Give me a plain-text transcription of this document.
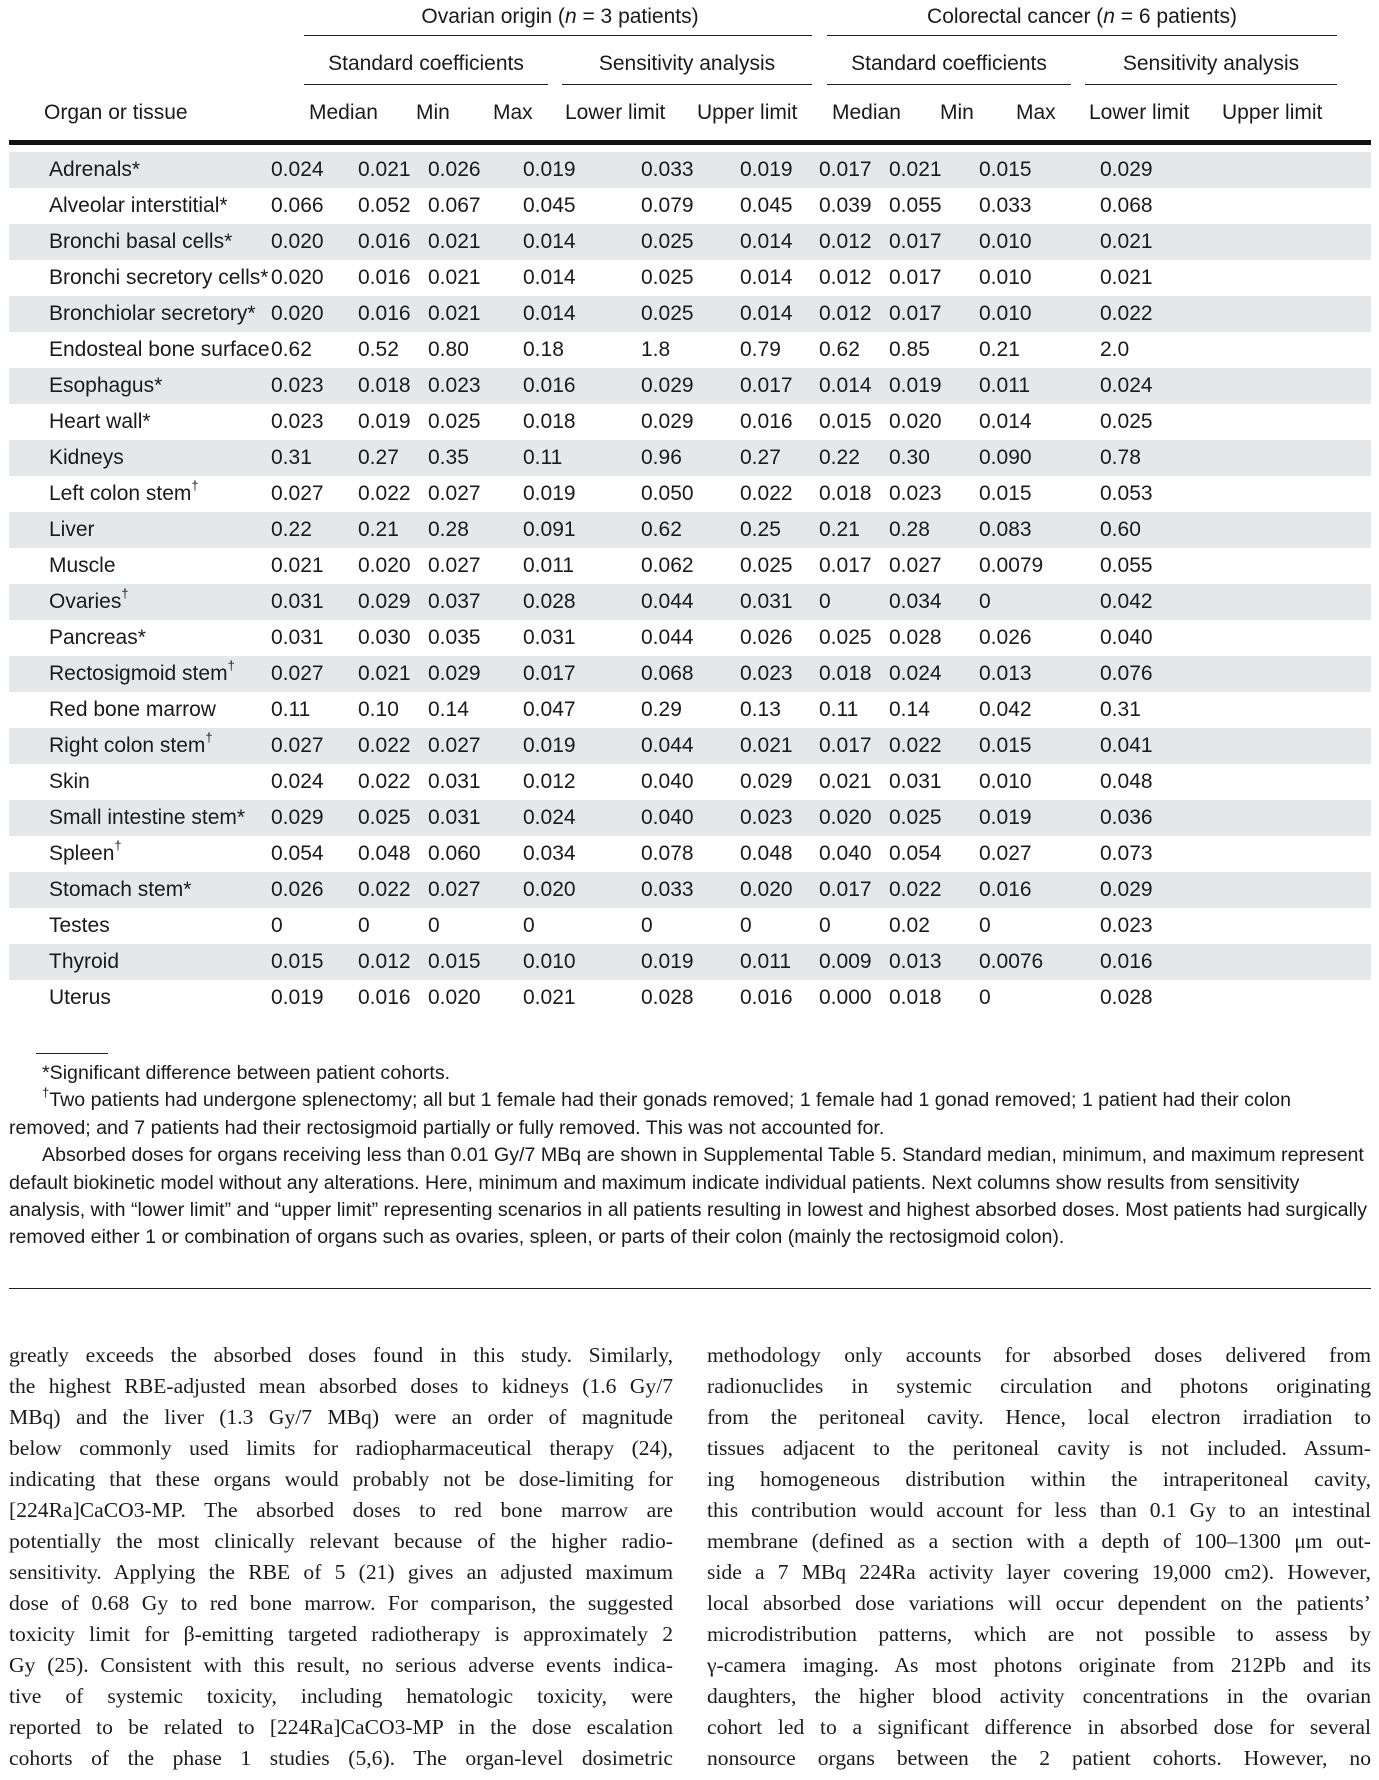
Ovarian origin (n = 3 patients)	Colorectal cancer (n = 6 patients)
Standard coefficients	Sensitivity analysis	Standard coefficients	Sensitivity analysis
Organ or tissue	Median Min Max Lower limit Upper limit Median Min Max Lower limit Upper limit
Adrenals*	0.024 0.021 0.026 0.019	0.033 0.019 0.017 0.021 0.015	0.029
Alveolar interstitial* 0.066 0.052 0.067 0.045	0.079 0.045 0.039 0.055 0.033	0.068
Bronchi basal cells* 0.020 0.016 0.021 0.014	0.025 0.014 0.012 0.017 0.010	0.021
Bronchi secretory cells* 0.020 0.016 0.021 0.014	0.025 0.014 0.012 0.017 0.010	0.021
Bronchiolar secretory* 0.020 0.016 0.021 0.014	0.025 0.014 0.012 0.017 0.010	0.022
Endosteal bone surface 0.62 0.52 0.80	0.18	1.8	0.79 0.62 0.85 0.21	2.0
Esophagus*	0.023 0.018 0.023 0.016	0.029 0.017 0.014 0.019 0.011	0.024
Heart wall*	0.023 0.019 0.025 0.018	0.029 0.016 0.015 0.020 0.014	0.025
Kidneys	0.31 0.27 0.35	0.11	0.96	0.27 0.22 0.30 0.090	0.78
Left colon stem†	0.027 0.022 0.027 0.019	0.050 0.022 0.018 0.023 0.015	0.053
Liver	0.22 0.21 0.28	0.091	0.62	0.25 0.21 0.28 0.083	0.60
Muscle	0.021 0.020 0.027 0.011	0.062 0.025 0.017 0.027 0.0079	0.055
Ovaries†	0.031 0.029 0.037 0.028	0.044 0.031 0	0.034 0	0.042
Pancreas*	0.031 0.030 0.035 0.031	0.044 0.026 0.025 0.028 0.026	0.040
Rectosigmoid stem† 0.027 0.021 0.029 0.017	0.068 0.023 0.018 0.024 0.013	0.076
Red bone marrow	0.11 0.10 0.14	0.047	0.29	0.13 0.11 0.14 0.042	0.31
Right colon stem†	0.027 0.022 0.027 0.019	0.044 0.021 0.017 0.022 0.015	0.041
Skin	0.024 0.022 0.031 0.012	0.040 0.029 0.021 0.031 0.010	0.048
Small intestine stem* 0.029 0.025 0.031 0.024	0.040 0.023 0.020 0.025 0.019	0.036
Spleen†	0.054 0.048 0.060 0.034	0.078 0.048 0.040 0.054 0.027	0.073
Stomach stem*	0.026 0.022 0.027 0.020	0.033 0.020 0.017 0.022 0.016	0.029
Testes	0	0	0	0	0	0	0	0.02 0	0.023
Thyroid	0.015 0.012 0.015 0.010	0.019 0.011 0.009 0.013 0.0076	0.016
Uterus	0.019 0.016 0.020 0.021	0.028 0.016 0.000 0.018 0	0.028

*Significant difference between patient cohorts.

†Two patients had undergone splenectomy; all but 1 female had their gonads removed; 1 female had 1 gonad removed; 1 patient had their colon removed; and 7 patients had their rectosigmoid partially or fully removed. This was not accounted for.

Absorbed doses for organs receiving less than 0.01 Gy/7 MBq are shown in Supplemental Table 5. Standard median, minimum, and maximum represent default biokinetic model without any alterations. Here, minimum and maximum indicate individual patients. Next columns show results from sensitivity analysis, with “lower limit” and “upper limit” representing scenarios in all patients resulting in lowest and highest absorbed doses. Most patients had surgically removed either 1 or combination of organs such as ovaries, spleen, or parts of their colon (mainly the rectosigmoid colon).

greatly exceeds the absorbed doses found in this study. Similarly,
the highest RBE-adjusted mean absorbed doses to kidneys (1.6 Gy/7
MBq) and the liver (1.3 Gy/7 MBq) were an order of magnitude
below commonly used limits for radiopharmaceutical therapy (24),
indicating that these organs would probably not be dose-limiting for
[224Ra]CaCO3-MP. The absorbed doses to red bone marrow are
potentially the most clinically relevant because of the higher radio-
sensitivity. Applying the RBE of 5 (21) gives an adjusted maximum
dose of 0.68 Gy to red bone marrow. For comparison, the suggested
toxicity limit for β-emitting targeted radiotherapy is approximately 2
Gy (25). Consistent with this result, no serious adverse events indica-
tive of systemic toxicity, including hematologic toxicity, were
reported to be related to [224Ra]CaCO3-MP in the dose escalation
cohorts of the phase 1 studies (5,6). The organ-level dosimetric
methodology only accounts for absorbed doses delivered from
radionuclides in systemic circulation and photons originating
from the peritoneal cavity. Hence, local electron irradiation to
tissues adjacent to the peritoneal cavity is not included. Assum-
ing homogeneous distribution within the intraperitoneal cavity,
this contribution would account for less than 0.1 Gy to an intestinal
membrane (defined as a section with a depth of 100–1300 μm out-
side a 7 MBq 224Ra activity layer covering 19,000 cm2). However,
local absorbed dose variations will occur dependent on the patients’
microdistribution patterns, which are not possible to assess by
γ-camera imaging. As most photons originate from 212Pb and its
daughters, the higher blood activity concentrations in the ovarian
cohort led to a significant difference in absorbed dose for several
nonsource organs between the 2 patient cohorts. However, no
